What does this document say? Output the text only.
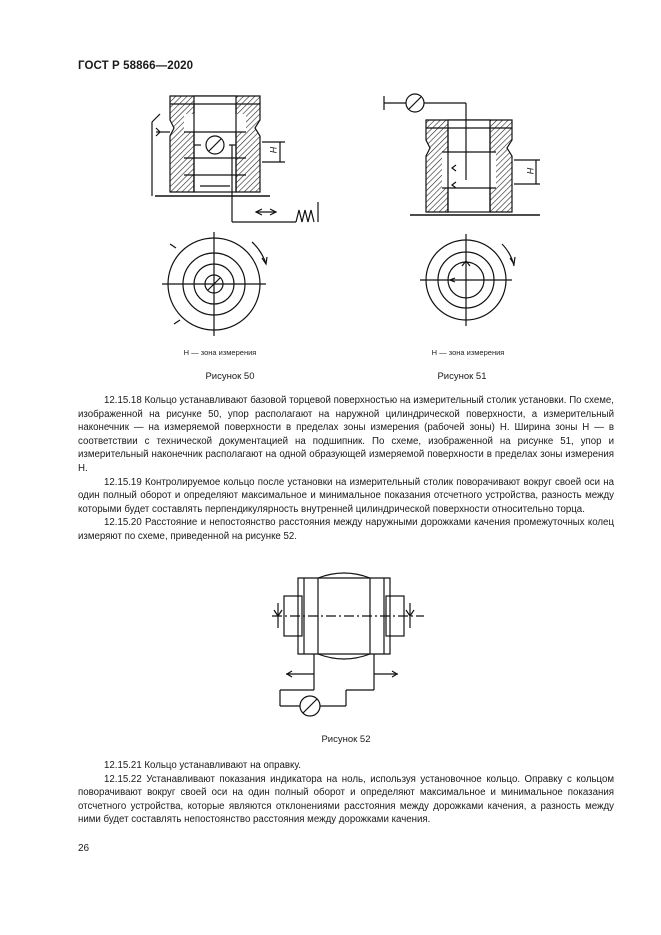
ГОСТ Р 58866—2020
H
H
H — зона измерения	H — зона измерения
Рисунок 50	Рисунок 51

12.15.18 Кольцо устанавливают базовой торцевой поверхностью на измерительный столик установки. По схеме, изображенной на рисунке 50, упор располагают на наружной цилиндрической поверхности, а измерительный наконечник — на измеряемой поверхности в пределах зоны измерения (рабочей зоны) H. Ширина зоны H — в соответствии с технической документацией на подшипник. По схеме, изображенной на рисунке 51, упор и измерительный наконечник располагают на одной образующей измеряемой поверхности в пределах зоны измерения H.

12.15.19 Контролируемое кольцо после установки на измерительный столик поворачивают вокруг своей оси на один полный оборот и определяют максимальное и минимальное показания отсчетного устройства, разность между которыми будет составлять перпендикулярность внутренней цилиндрической поверхности относительно торца.

12.15.20 Расстояние и непостоянство расстояния между наружными дорожками качения промежуточных колец измеряют по схеме, приведенной на рисунке 52.

Рисунок 52

12.15.21 Кольцо устанавливают на оправку.

12.15.22 Устанавливают показания индикатора на ноль, используя установочное кольцо. Оправку с кольцом поворачивают вокруг своей оси на один полный оборот и определяют максимальное и минимальное показания отсчетного устройства, которые являются отклонениями расстояния между дорожками качения, а разность между ними будет составлять непостоянство расстояния между дорожками качения.

26
